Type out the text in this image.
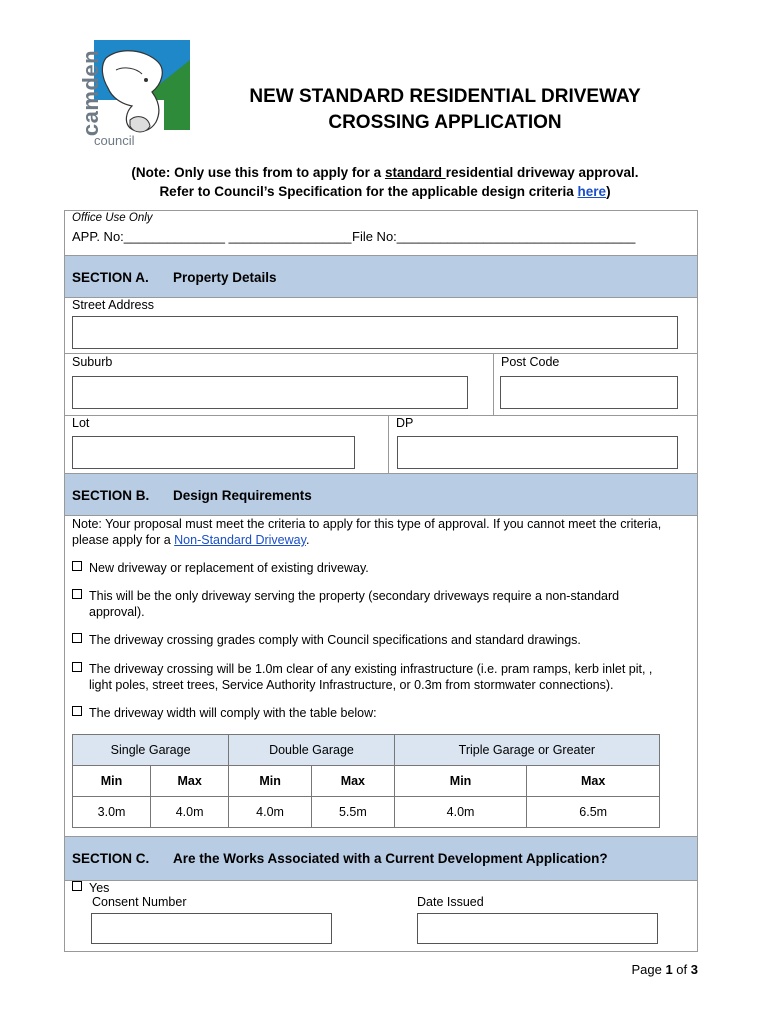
camden
council
NEW STANDARD RESIDENTIAL DRIVEWAY
CROSSING APPLICATION
(Note: Only use this from to apply for a standard residential driveway approval.
Refer to Council’s Specification for the applicable design criteria here)
Office Use Only
APP. No:______________ _________________ File No:_________________________________
SECTION A. Property Details
Street Address
Suburb	Post Code
Lot	DP
SECTION B. Design Requirements
Note: Your proposal must meet the criteria to apply for this type of approval. If you cannot meet the criteria,
please apply for a Non-Standard Driveway.
New driveway or replacement of existing driveway.
This will be the only driveway serving the property (secondary driveways require a non-standard
approval).
The driveway crossing grades comply with Council specifications and standard drawings.
The driveway crossing will be 1.0m clear of any existing infrastructure (i.e. pram ramps, kerb inlet pit, ,
light poles, street trees, Service Authority Infrastructure, or 0.3m from stormwater connections).
The driveway width will comply with the table below:
Single Garage		Double Garage		Triple Garage or Greater	
Min	Max	Min	Max	Min	Max
3.0m	4.0m	4.0m	5.5m	4.0m	6.5m
SECTION C. Are the Works Associated with a Current Development Application?
Yes
Consent Number	Date Issued
Page 1 of 3
